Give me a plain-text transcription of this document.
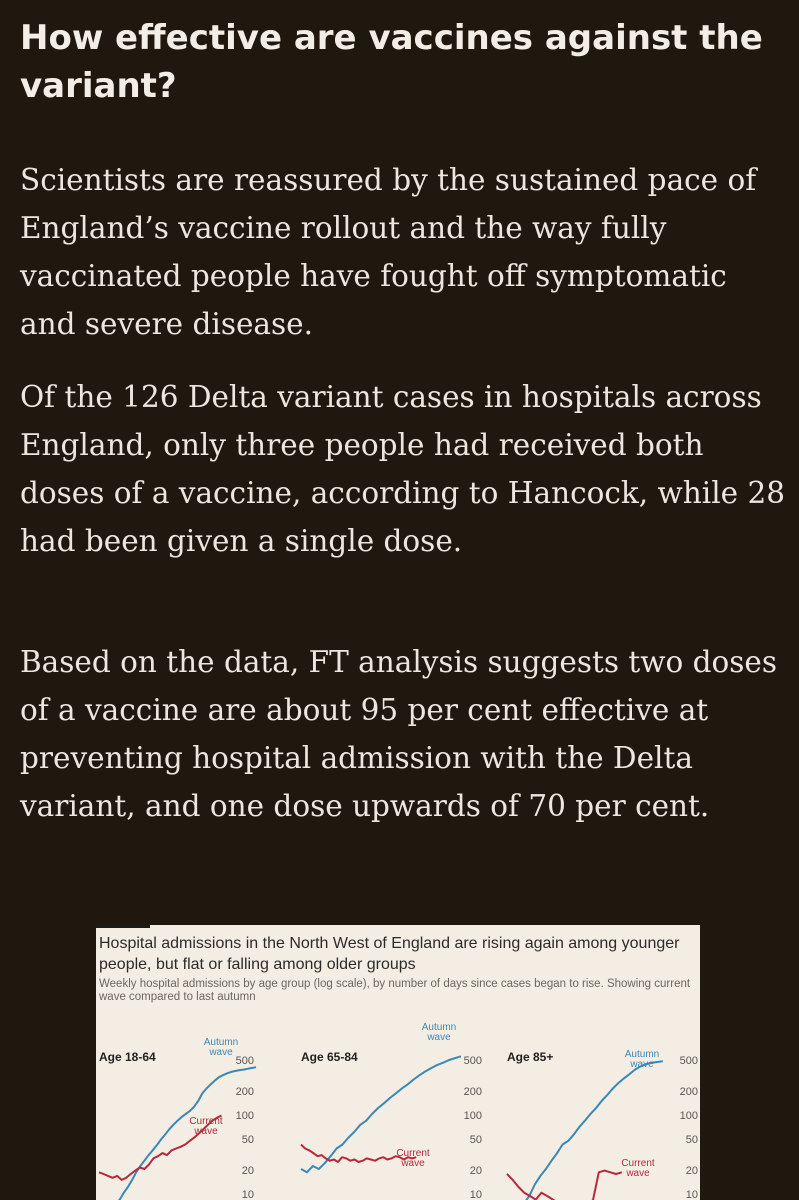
How effective are vaccines against the variant?

Scientists are reassured by the sustained pace of England’s vaccine rollout and the way fully vaccinated people have fought off symptomatic and severe disease.

Of the 126 Delta variant cases in hospitals across England, only three people had received both doses of a vaccine, according to Hancock, while 28 had been given a single dose.

Based on the data, FT analysis suggests two doses of a vaccine are about 95 per cent effective at preventing hospital admission with the Delta variant, and one dose upwards of 70 per cent.

Hospital admissions in the North West of England are rising again among younger people, but flat or falling among older groups

Weekly hospital admissions by age group (log scale), by number of days since cases began to rise. Showing current wave compared to last autumn

Age 18-64	Age 65-84	Age 85+
Autumn wave
Current wave
Autumn wave
Current wave
Autumn wave
Current wave
500
200
100
50
20
10
500
200
100
50
20
10
500
200
100
50
20
10
